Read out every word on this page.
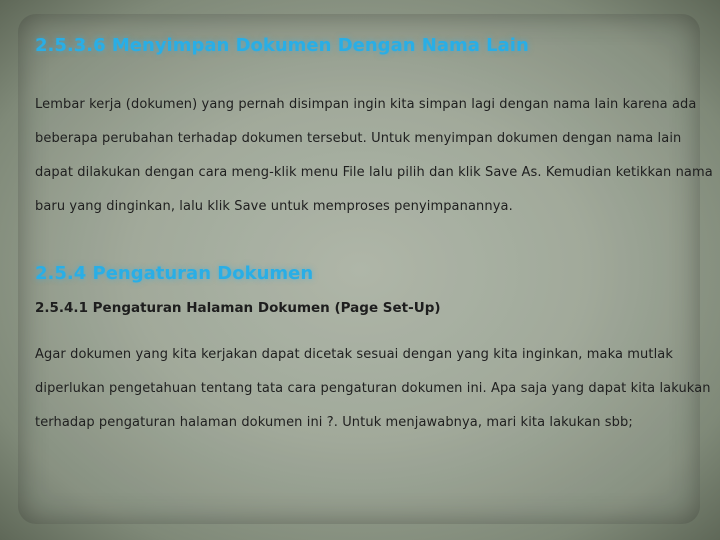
2.5.3.6 Menyimpan Dokumen Dengan Nama Lain

Lembar kerja (dokumen) yang pernah disimpan ingin kita simpan lagi dengan nama lain karena ada beberapa perubahan terhadap dokumen tersebut. Untuk menyimpan dokumen dengan nama lain dapat dilakukan dengan cara meng-klik menu File lalu pilih dan klik Save As. Kemudian ketikkan nama baru yang dinginkan, lalu klik Save untuk memproses penyimpanannya.

2.5.4 Pengaturan Dokumen
2.5.4.1 Pengaturan Halaman Dokumen (Page Set-Up)

Agar dokumen yang kita kerjakan dapat dicetak sesuai dengan yang kita inginkan, maka mutlak diperlukan pengetahuan tentang tata cara pengaturan dokumen ini. Apa saja yang dapat kita lakukan terhadap pengaturan halaman dokumen ini ?. Untuk menjawabnya, mari kita lakukan sbb;
